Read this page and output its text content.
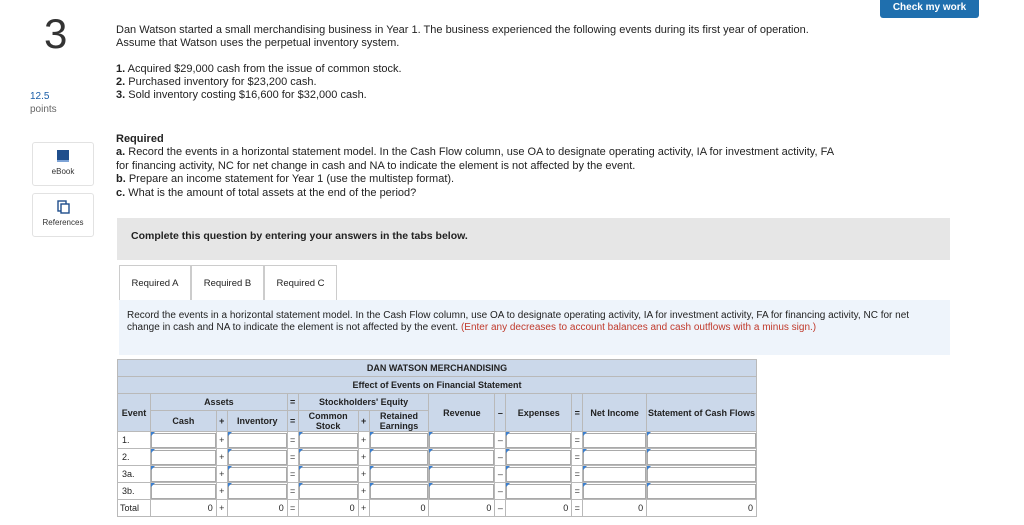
Check my work
3
12.5
points
eBook
References
Dan Watson started a small merchandising business in Year 1. The business experienced the following events during its first year of operation. Assume that Watson uses the perpetual inventory system.
1. Acquired $29,000 cash from the issue of common stock.
2. Purchased inventory for $23,200 cash.
3. Sold inventory costing $16,600 for $32,000 cash.
Required
a. Record the events in a horizontal statement model. In the Cash Flow column, use OA to designate operating activity, IA for investment activity, FA for financing activity, NC for net change in cash and NA to indicate the element is not affected by the event.
b. Prepare an income statement for Year 1 (use the multistep format).
c. What is the amount of total assets at the end of the period?
Complete this question by entering your answers in the tabs below.
Required A	Required B	Required C
Record the events in a horizontal statement model. In the Cash Flow column, use OA to designate operating activity, IA for investment activity, FA for financing activity, NC for net change in cash and NA to indicate the element is not affected by the event. (Enter any decreases to account balances and cash outflows with a minus sign.)
DAN WATSON MERCHANDISING													
Effect of Events on Financial Statement													
Event	Assets			=	Stockholders' Equity			Revenue	–	Expenses	=	Net Income	Statement of Cash Flows
	Cash	+	Inventory	=	Common Stock	+	Retained Earnings						
1.		+		=		+			–		=		
2.		+		=		+			–		=		
3a.		+		=		+			–		=		
3b.		+		=		+			–		=		
Total	0	+	0	=	0	+	0	0	–	0	=	0	0
